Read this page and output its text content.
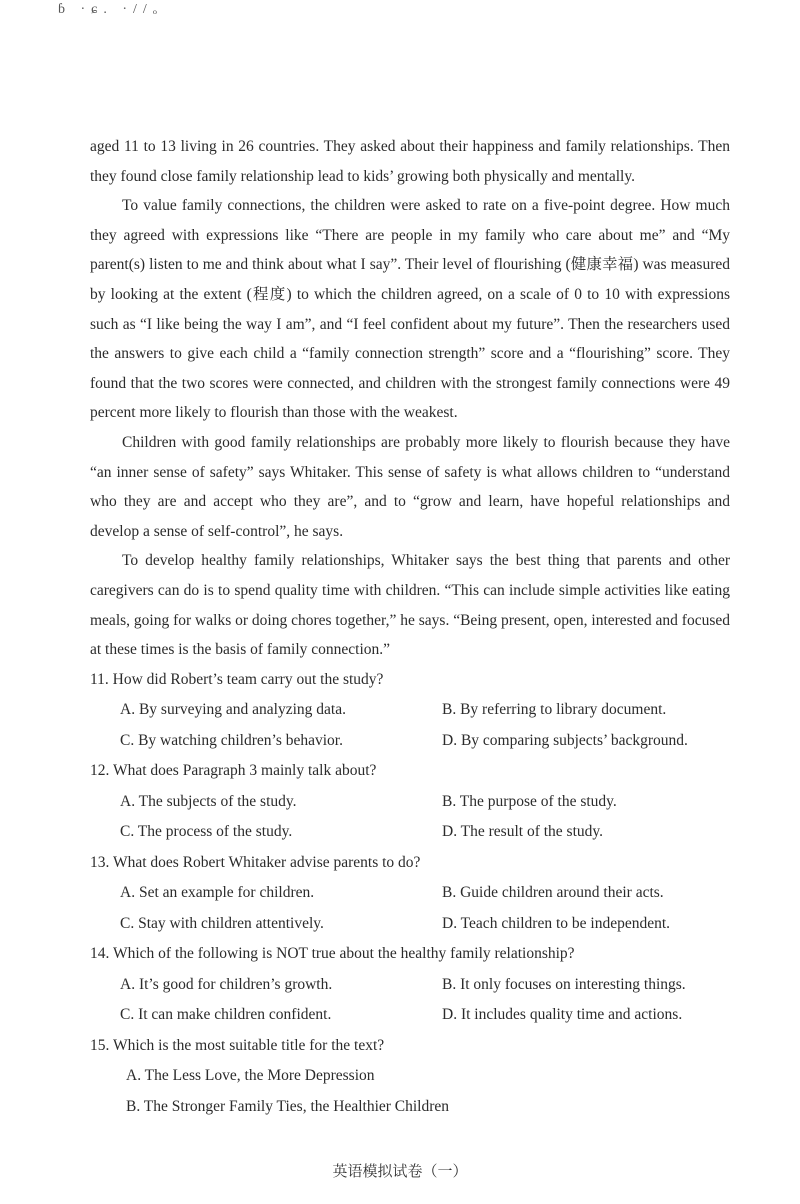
ɓ ·ɕ. ·//ₒ

aged 11 to 13 living in 26 countries. They asked about their happiness and family relationships. Then they found close family relationship lead to kids’ growing both physically and mentally.

To value family connections, the children were asked to rate on a five-point degree. How much they agreed with expressions like “There are people in my family who care about me” and “My parent(s) listen to me and think about what I say”. Their level of flourishing (健康幸福) was measured by looking at the extent (程度) to which the children agreed, on a scale of 0 to 10 with expressions such as “I like being the way I am”, and “I feel confident about my future”. Then the researchers used the answers to give each child a “family connection strength” score and a “flourishing” score. They found that the two scores were connected, and children with the strongest family connections were 49 percent more likely to flourish than those with the weakest.

Children with good family relationships are probably more likely to flourish because they have “an inner sense of safety” says Whitaker. This sense of safety is what allows children to “understand who they are and accept who they are”, and to “grow and learn, have hopeful relationships and develop a sense of self-control”, he says.

To develop healthy family relationships, Whitaker says the best thing that parents and other caregivers can do is to spend quality time with children. “This can include simple activities like eating meals, going for walks or doing chores together,” he says. “Being present, open, interested and focused at these times is the basis of family connection.”

11. How did Robert’s team carry out the study?

A. By surveying and analyzing data.	B. By referring to library document.
C. By watching children’s behavior.	D. By comparing subjects’ background.

12. What does Paragraph 3 mainly talk about?

A. The subjects of the study.	B. The purpose of the study.
C. The process of the study.	D. The result of the study.

13. What does Robert Whitaker advise parents to do?

A. Set an example for children.	B. Guide children around their acts.
C. Stay with children attentively.	D. Teach children to be independent.

14. Which of the following is NOT true about the healthy family relationship?

A. It’s good for children’s growth.	B. It only focuses on interesting things.
C. It can make children confident.	D. It includes quality time and actions.

15. Which is the most suitable title for the text?

A. The Less Love, the More Depression
B. The Stronger Family Ties, the Healthier Children
英语模拟试卷（一）
